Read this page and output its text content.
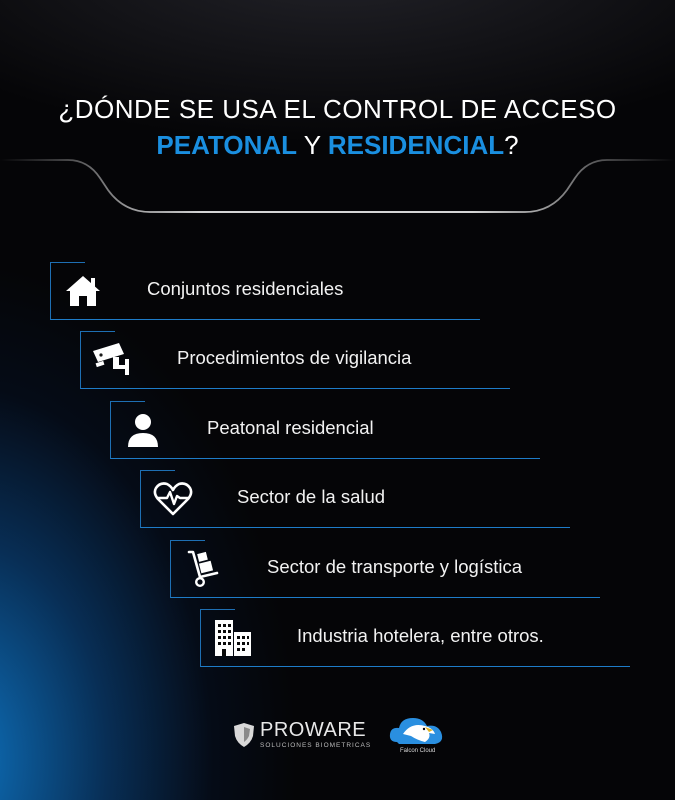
¿DÓNDE SE USA EL CONTROL DE ACCESO
PEATONAL Y RESIDENCIAL?
Conjuntos residenciales
Procedimientos de vigilancia
Peatonal residencial
Sector de la salud
Sector de transporte y logística
Industria hotelera, entre otros.
PROWARE
SOLUCIONES BIOMETRICAS
Falcon Cloud
